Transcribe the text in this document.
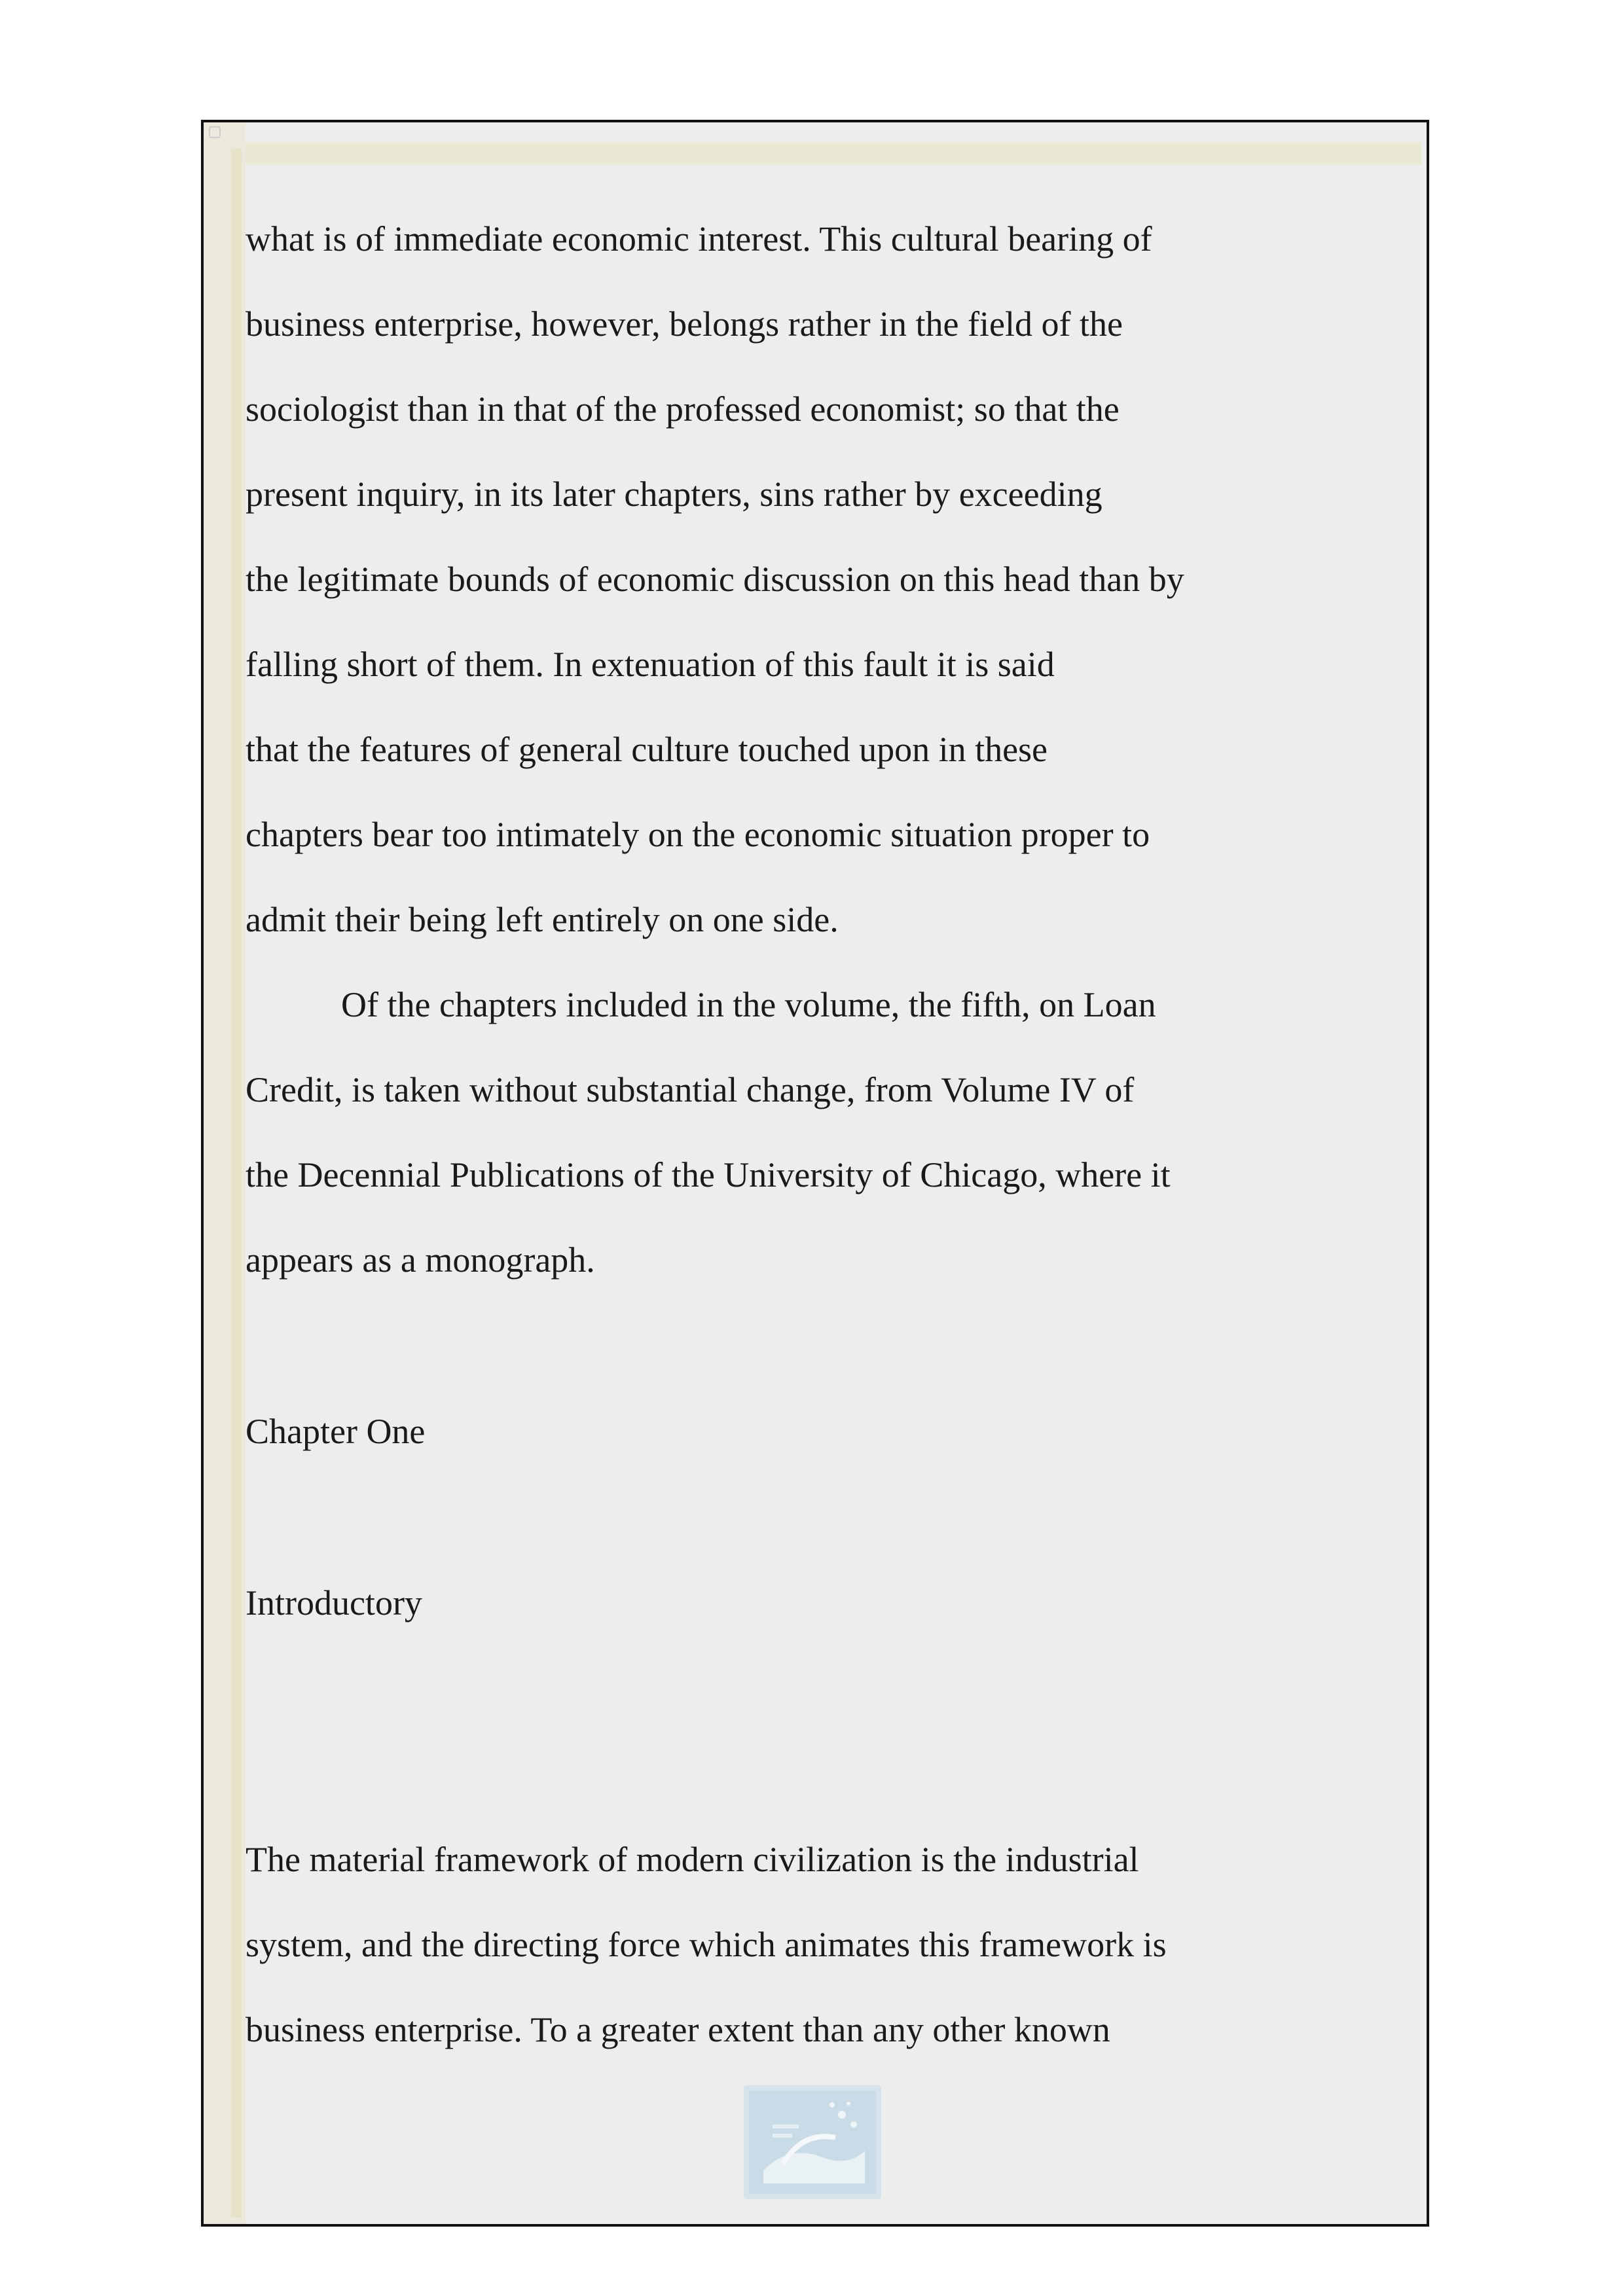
what is of immediate economic interest. This cultural bearing of
business enterprise, however, belongs rather in the field of the
sociologist than in that of the professed economist; so that the
present inquiry, in its later chapters, sins rather by exceeding
the legitimate bounds of economic discussion on this head than by
falling short of them. In extenuation of this fault it is said
that the features of general culture touched upon in these
chapters bear too intimately on the economic situation proper to
admit their being left entirely on one side.
Of the chapters included in the volume, the fifth, on Loan
Credit, is taken without substantial change, from Volume IV of
the Decennial Publications of the University of Chicago, where it
appears as a monograph.
Chapter One
Introductory
The material framework of modern civilization is the industrial
system, and the directing force which animates this framework is
business enterprise. To a greater extent than any other known
